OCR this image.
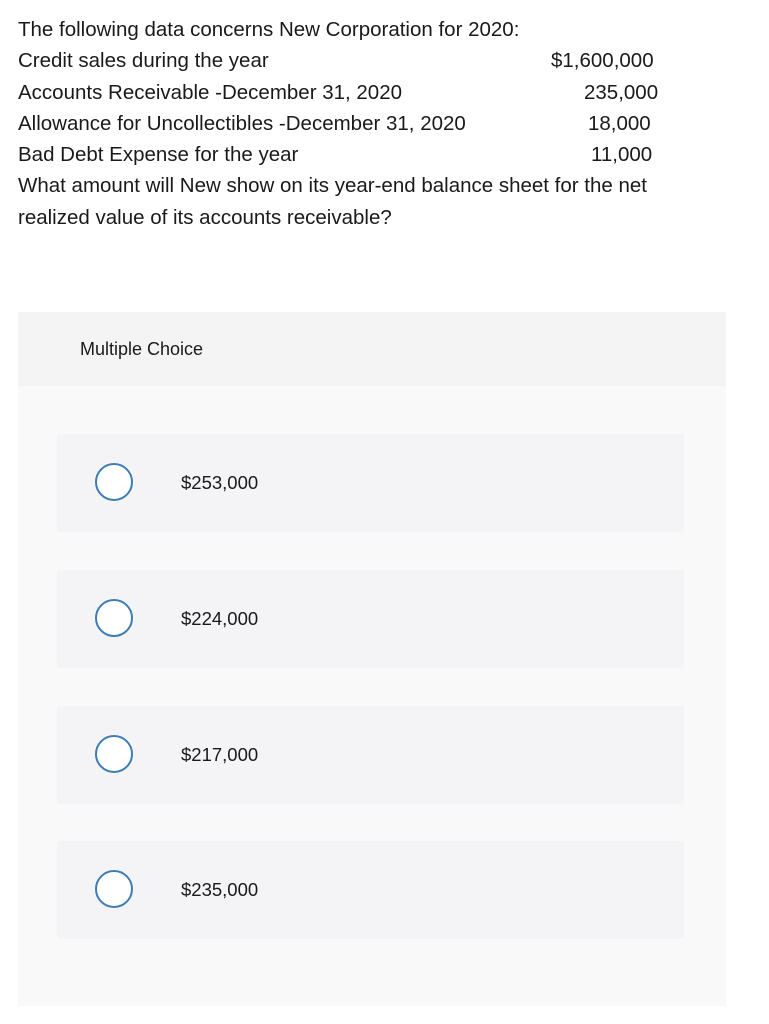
The following data concerns New Corporation for 2020:
Credit sales during the year	$1,600,000
Accounts Receivable -December 31, 2020	235,000
Allowance for Uncollectibles -December 31, 2020	18,000
Bad Debt Expense for the year	11,000
What amount will New show on its year-end balance sheet for the net realized value of its accounts receivable?
Multiple Choice
$253,000
$224,000
$217,000
$235,000
